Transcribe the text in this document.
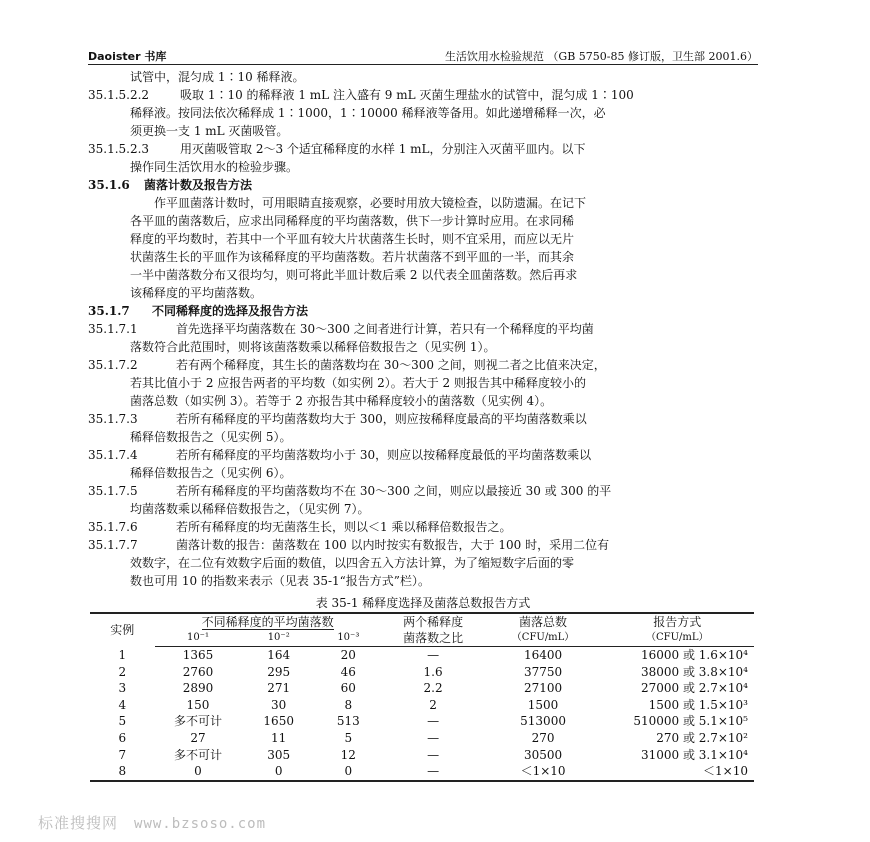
Daoister 书库	生活饮用水检验规范 （GB 5750-85 修订版，卫生部 2001.6）

试管中，混匀成 1∶10 稀释液。

35.1.5.2.2	吸取 1∶10 的稀释液 1 mL 注入盛有 9 mL 灭菌生理盐水的试管中，混匀成 1∶100

稀释液。按同法依次稀释成 1∶1000，1∶10000 稀释液等备用。如此递增稀释一次，必

须更换一支 1 mL 灭菌吸管。

35.1.5.2.3	用灭菌吸管取 2～3 个适宜稀释度的水样 1 mL，分别注入灭菌平皿内。以下

操作同生活饮用水的检验步骤。

35.1.6	菌落计数及报告方法

作平皿菌落计数时，可用眼睛直接观察，必要时用放大镜检查，以防遗漏。在记下

各平皿的菌落数后，应求出同稀释度的平均菌落数，供下一步计算时应用。在求同稀

释度的平均数时，若其中一个平皿有较大片状菌落生长时，则不宜采用，而应以无片

状菌落生长的平皿作为该稀释度的平均菌落数。若片状菌落不到平皿的一半，而其余

一半中菌落数分布又很均匀，则可将此半皿计数后乘 2 以代表全皿菌落数。然后再求

该稀释度的平均菌落数。

35.1.7	不同稀释度的选择及报告方法
35.1.7.1	首先选择平均菌落数在 30～300 之间者进行计算，若只有一个稀释度的平均菌

落数符合此范围时，则将该菌落数乘以稀释倍数报告之（见实例 1）。

35.1.7.2	若有两个稀释度，其生长的菌落数均在 30～300 之间，则视二者之比值来决定，

若其比值小于 2 应报告两者的平均数（如实例 2）。若大于 2 则报告其中稀释度较小的

菌落总数（如实例 3）。若等于 2 亦报告其中稀释度较小的菌落数（见实例 4）。

35.1.7.3	若所有稀释度的平均菌落数均大于 300，则应按稀释度最高的平均菌落数乘以

稀释倍数报告之（见实例 5）。

35.1.7.4	若所有稀释度的平均菌落数均小于 30，则应以按稀释度最低的平均菌落数乘以

稀释倍数报告之（见实例 6）。

35.1.7.5	若所有稀释度的平均菌落数均不在 30～300 之间，则应以最接近 30 或 300 的平

均菌落数乘以稀释倍数报告之，（见实例 7）。

35.1.7.6	若所有稀释度的均无菌落生长，则以＜1 乘以稀释倍数报告之。
35.1.7.7	菌落计数的报告：菌落数在 100 以内时按实有数报告，大于 100 时，采用二位有

效数字，在二位有效数字后面的数值，以四舍五入方法计算，为了缩短数字后面的零

数也可用 10 的指数来表示（见表 35-1“报告方式”栏）。

表 35-1 稀释度选择及菌落总数报告方式
实例	不同稀释度的平均菌落数			两个稀释度	菌落总数	报告方式
	10⁻¹	10⁻²	10⁻³	菌落数之比	（CFU/mL）	（CFU/mL）
1	1365	164	20	—	16400	16000 或 1.6×10⁴
2	2760	295	46	1.6	37750	38000 或 3.8×10⁴
3	2890	271	60	2.2	27100	27000 或 2.7×10⁴
4	150	30	8	2	1500	1500 或 1.5×10³
5	多不可计	1650	513	—	513000	510000 或 5.1×10⁵
6	27	11	5	—	270	270 或 2.7×10²
7	多不可计	305	12	—	30500	31000 或 3.1×10⁴
8	0	0	0	—	＜1×10	＜1×10
标准搜搜网 www.bzsoso.com
